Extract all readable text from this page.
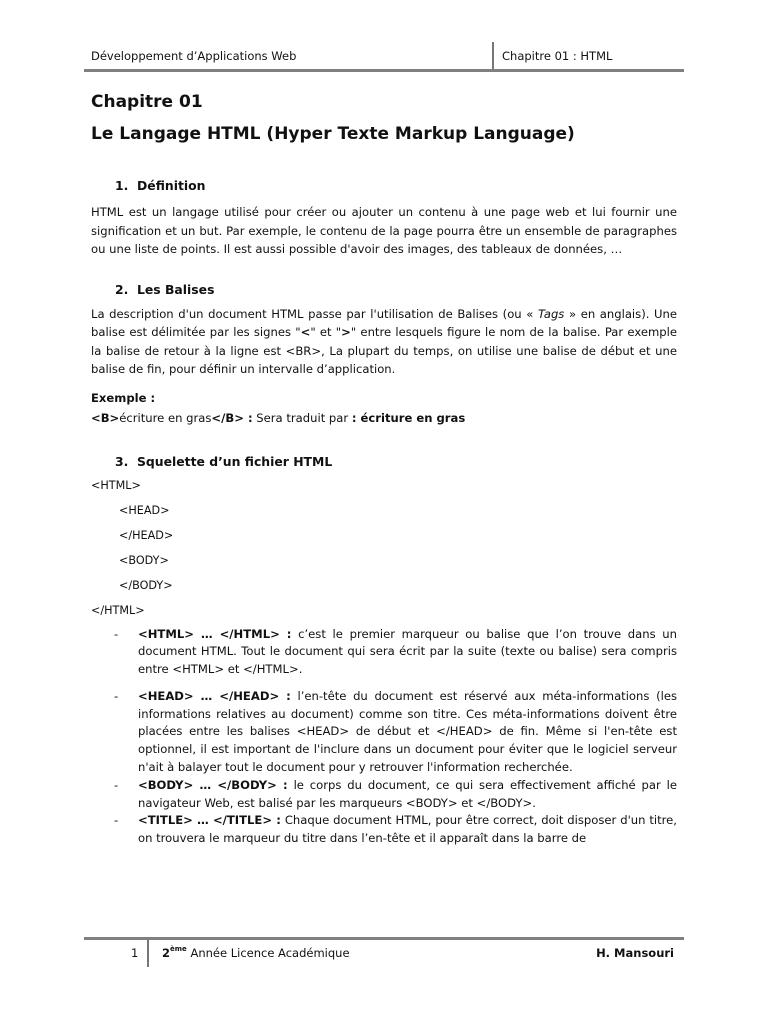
Développement d’Applications Web	Chapitre 01 : HTML
Chapitre 01
Le Langage HTML (Hyper Texte Markup Language)
1. Définition

HTML est un langage utilisé pour créer ou ajouter un contenu à une page web et lui fournir une signification et un but. Par exemple, le contenu de la page pourra être un ensemble de paragraphes ou une liste de points. Il est aussi possible d'avoir des images, des tableaux de données, …

2. Les Balises

La description d'un document HTML passe par l'utilisation de Balises (ou « Tags » en anglais). Une balise est délimitée par les signes "<" et ">" entre lesquels figure le nom de la balise. Par exemple la balise de retour à la ligne est <BR>, La plupart du temps, on utilise une balise de début et une balise de fin, pour définir un intervalle d’application.

Exemple :

<B>écriture en gras</B> : Sera traduit par : écriture en gras

3. Squelette d’un fichier HTML

<HTML>

<HEAD>

</HEAD>

<BODY>

</BODY>

</HTML>

- <HTML> … </HTML> : c’est le premier marqueur ou balise que l’on trouve dans un document HTML. Tout le document qui sera écrit par la suite (texte ou balise) sera compris entre <HTML> et </HTML>.
- <HEAD> … </HEAD> : l’en-tête du document est réservé aux méta-informations (les informations relatives au document) comme son titre. Ces méta-informations doivent être placées entre les balises <HEAD> de début et </HEAD> de fin. Même si l'en-tête est optionnel, il est important de l'inclure dans un document pour éviter que le logiciel serveur n'ait à balayer tout le document pour y retrouver l'information recherchée.
- <BODY> … </BODY> : le corps du document, ce qui sera effectivement affiché par le navigateur Web, est balisé par les marqueurs <BODY> et </BODY>.
- <TITLE> … </TITLE> : Chaque document HTML, pour être correct, doit disposer d'un titre, on trouvera le marqueur du titre dans l’en-tête et il apparaît dans la barre de
1 2ème Année Licence Académique	H. Mansouri
